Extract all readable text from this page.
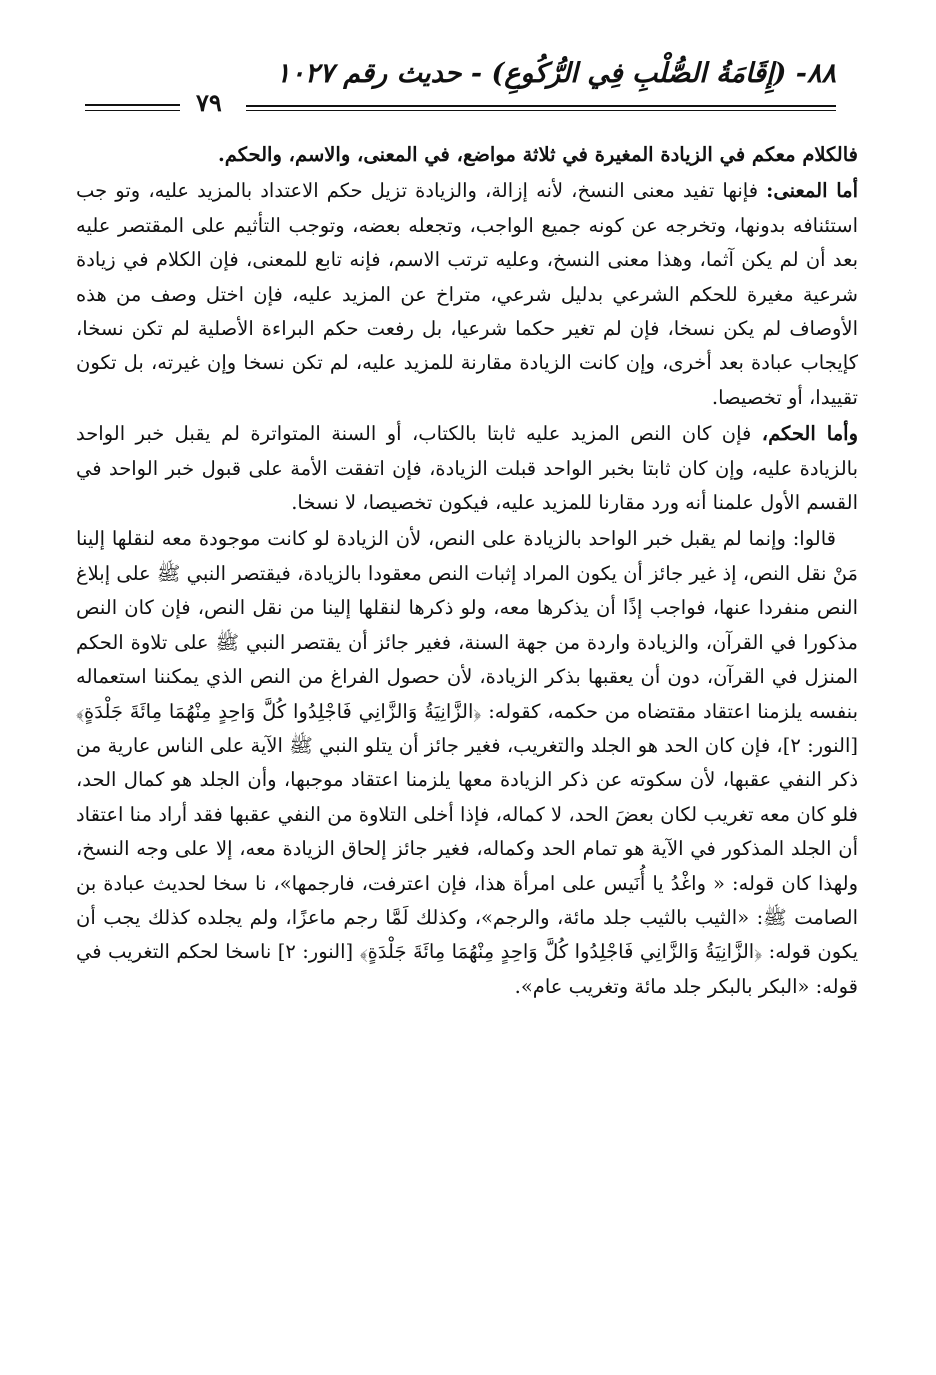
٨٨- (إِقَامَةُ الصُّلْبِ فِي الرُّكُوعِ) - حديث رقم ١٠٢٧
٧٩

فالكلام معكم في الزيادة المغيرة في ثلاثة مواضع، في المعنى، والاسم، والحكم.

أما المعنى: فإنها تفيد معنى النسخ، لأنه إزالة، والزيادة تزيل حكم الاعتداد بالمزيد عليه، وتو جب استئنافه بدونها، وتخرجه عن كونه جميع الواجب، وتجعله بعضه، وتوجب التأثيم على المقتصر عليه بعد أن لم يكن آثما، وهذا معنى النسخ، وعليه ترتب الاسم، فإنه تابع للمعنى، فإن الكلام في زيادة شرعية مغيرة للحكم الشرعي بدليل شرعي، متراخ عن المزيد عليه، فإن اختل وصف من هذه الأوصاف لم يكن نسخا، فإن لم تغير حكما شرعيا، بل رفعت حكم البراءة الأصلية لم تكن نسخا، كإيجاب عبادة بعد أخرى، وإن كانت الزيادة مقارنة للمزيد عليه، لم تكن نسخا وإن غيرته، بل تكون تقييدا، أو تخصيصا.

وأما الحكم، فإن كان النص المزيد عليه ثابتا بالكتاب، أو السنة المتواترة لم يقبل خبر الواحد بالزيادة عليه، وإن كان ثابتا بخبر الواحد قبلت الزيادة، فإن اتفقت الأمة على قبول خبر الواحد في القسم الأول علمنا أنه ورد مقارنا للمزيد عليه، فيكون تخصيصا، لا نسخا.

قالوا: وإنما لم يقبل خبر الواحد بالزيادة على النص، لأن الزيادة لو كانت موجودة معه لنقلها إلينا مَنْ نقل النص، إذ غير جائز أن يكون المراد إثبات النص معقودا بالزيادة، فيقتصر النبي ﷺ على إبلاغ النص منفردا عنها، فواجب إذًا أن يذكرها معه، ولو ذكرها لنقلها إلينا من نقل النص، فإن كان النص مذكورا في القرآن، والزيادة واردة من جهة السنة، فغير جائز أن يقتصر النبي ﷺ على تلاوة الحكم المنزل في القرآن، دون أن يعقبها بذكر الزيادة، لأن حصول الفراغ من النص الذي يمكننا استعماله بنفسه يلزمنا اعتقاد مقتضاه من حكمه، كقوله: ﴿الزَّانِيَةُ وَالزَّانِي فَاجْلِدُوا كُلَّ وَاحِدٍ مِنْهُمَا مِائَةَ جَلْدَةٍ﴾ [النور: ٢]، فإن كان الحد هو الجلد والتغريب، فغير جائز أن يتلو النبي ﷺ الآية على الناس عارية من ذكر النفي عقبها، لأن سكوته عن ذكر الزيادة معها يلزمنا اعتقاد موجبها، وأن الجلد هو كمال الحد، فلو كان معه تغريب لكان بعضَ الحد، لا كماله، فإذا أخلى التلاوة من النفي عقبها فقد أراد منا اعتقاد أن الجلد المذكور في الآية هو تمام الحد وكماله، فغير جائز إلحاق الزيادة معه، إلا على وجه النسخ، ولهذا كان قوله: « واغْدُ يا أُنَيس على امرأة هذا، فإن اعترفت، فارجمها»، نا سخا لحديث عبادة بن الصامت ﷺ: «الثيب بالثيب جلد مائة، والرجم»، وكذلك لَمَّا رجم ماعزًا، ولم يجلده كذلك يجب أن يكون قوله: ﴿الزَّانِيَةُ وَالزَّانِي فَاجْلِدُوا كُلَّ وَاحِدٍ مِنْهُمَا مِائَةَ جَلْدَةٍ﴾ [النور: ٢] ناسخا لحكم التغريب في قوله: «البكر بالبكر جلد مائة وتغريب عام».
